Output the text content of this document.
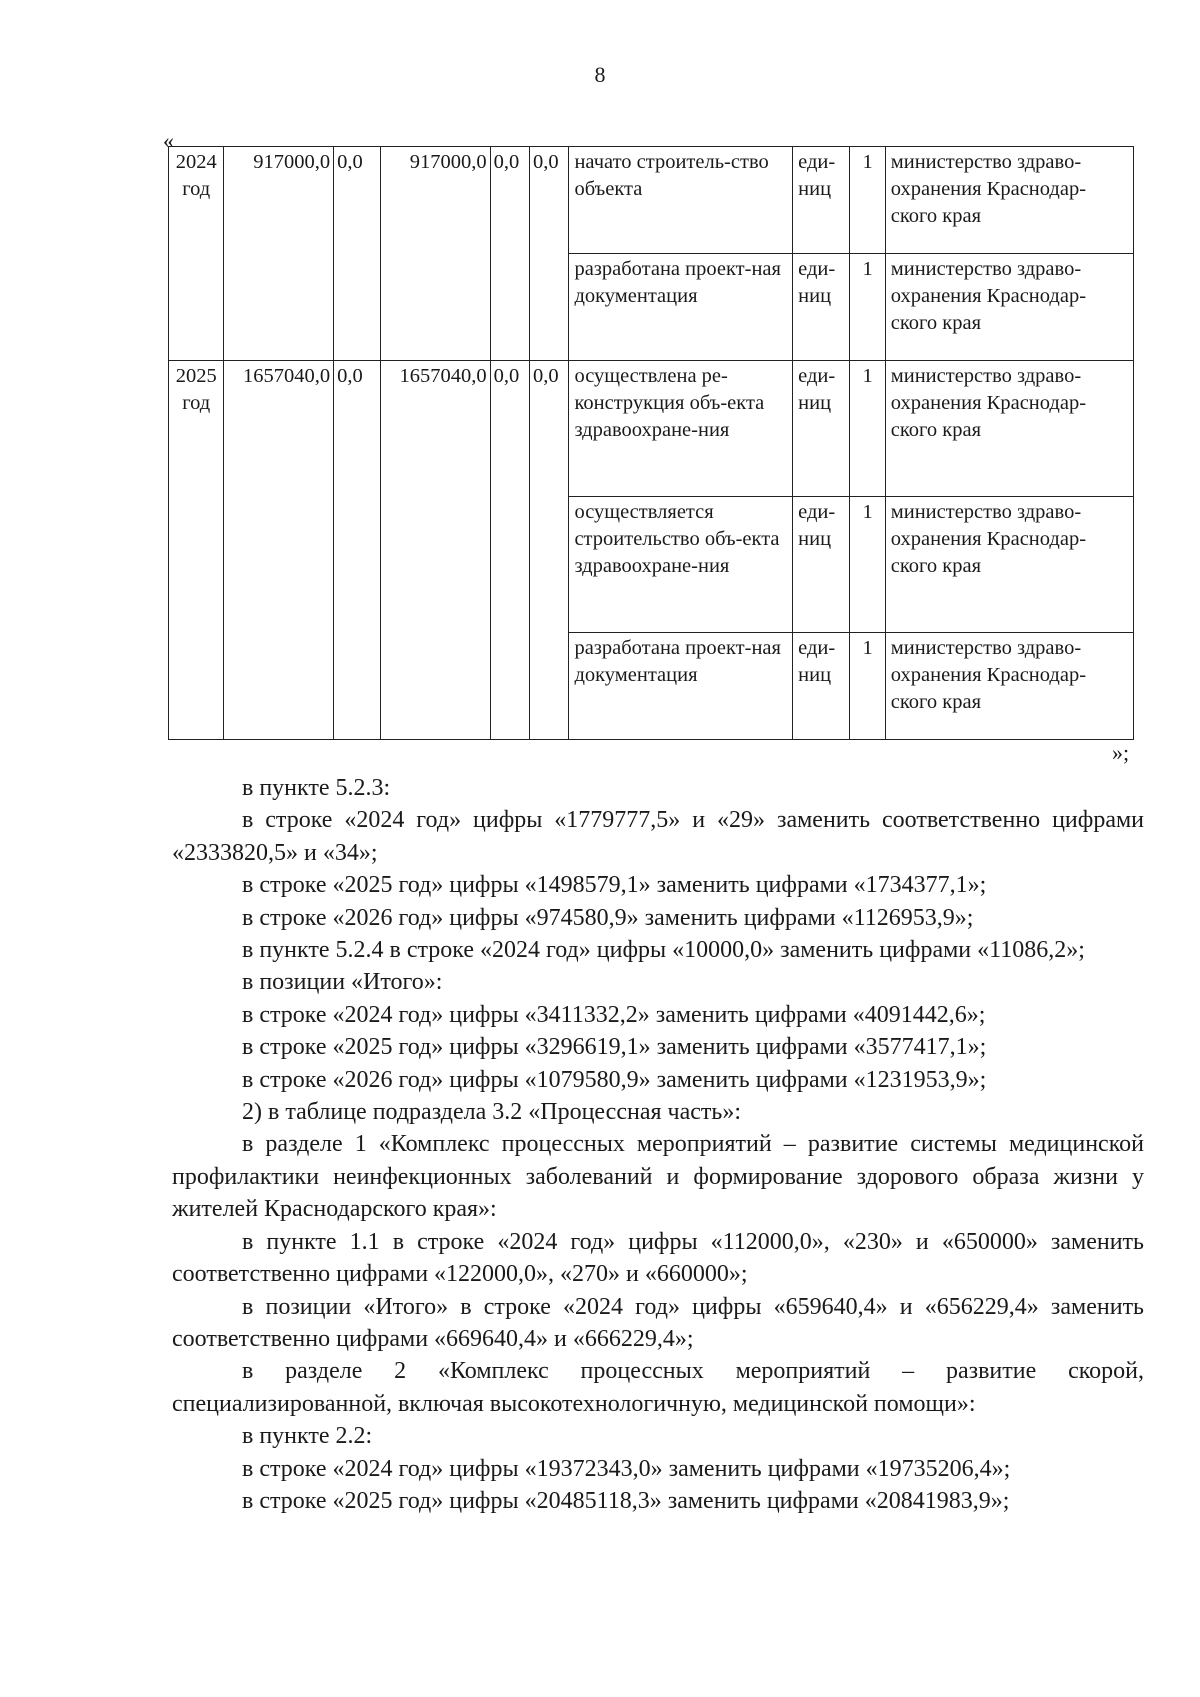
8
«
2024 год	917000,0	0,0	917000,0	0,0	0,0	начато строитель-ство объекта	еди-ниц	1	министерство здраво-охранения Краснодар-ского края
						разработана проект-ная документация	еди-ниц	1	министерство здраво-охранения Краснодар-ского края
2025 год	1657040,0	0,0	1657040,0	0,0	0,0	осуществлена ре-конструкция объ-екта здравоохране-ния	еди-ниц	1	министерство здраво-охранения Краснодар-ского края
						осуществляется строительство объ-екта здравоохране-ния	еди-ниц	1	министерство здраво-охранения Краснодар-ского края
						разработана проект-ная документация	еди-ниц	1	министерство здраво-охранения Краснодар-ского края
»;

в пункте 5.2.3:

в строке «2024 год» цифры «1779777,5» и «29» заменить соответственно цифрами «2333820,5» и «34»;

в строке «2025 год» цифры «1498579,1» заменить цифрами «1734377,1»;

в строке «2026 год» цифры «974580,9» заменить цифрами «1126953,9»;

в пункте 5.2.4 в строке «2024 год» цифры «10000,0» заменить цифрами «11086,2»;

в позиции «Итого»:

в строке «2024 год» цифры «3411332,2» заменить цифрами «4091442,6»;

в строке «2025 год» цифры «3296619,1» заменить цифрами «3577417,1»;

в строке «2026 год» цифры «1079580,9» заменить цифрами «1231953,9»;

2) в таблице подраздела 3.2 «Процессная часть»:

в разделе 1 «Комплекс процессных мероприятий – развитие системы медицинской профилактики неинфекционных заболеваний и формирование здорового образа жизни у жителей Краснодарского края»:

в пункте 1.1 в строке «2024 год» цифры «112000,0», «230» и «650000» заменить соответственно цифрами «122000,0», «270» и «660000»;

в позиции «Итого» в строке «2024 год» цифры «659640,4» и «656229,4» заменить соответственно цифрами «669640,4» и «666229,4»;

в разделе 2 «Комплекс процессных мероприятий – развитие скорой, специализированной, включая высокотехнологичную, медицинской помощи»:

в пункте 2.2:

в строке «2024 год» цифры «19372343,0» заменить цифрами «19735206,4»;

в строке «2025 год» цифры «20485118,3» заменить цифрами «20841983,9»;
